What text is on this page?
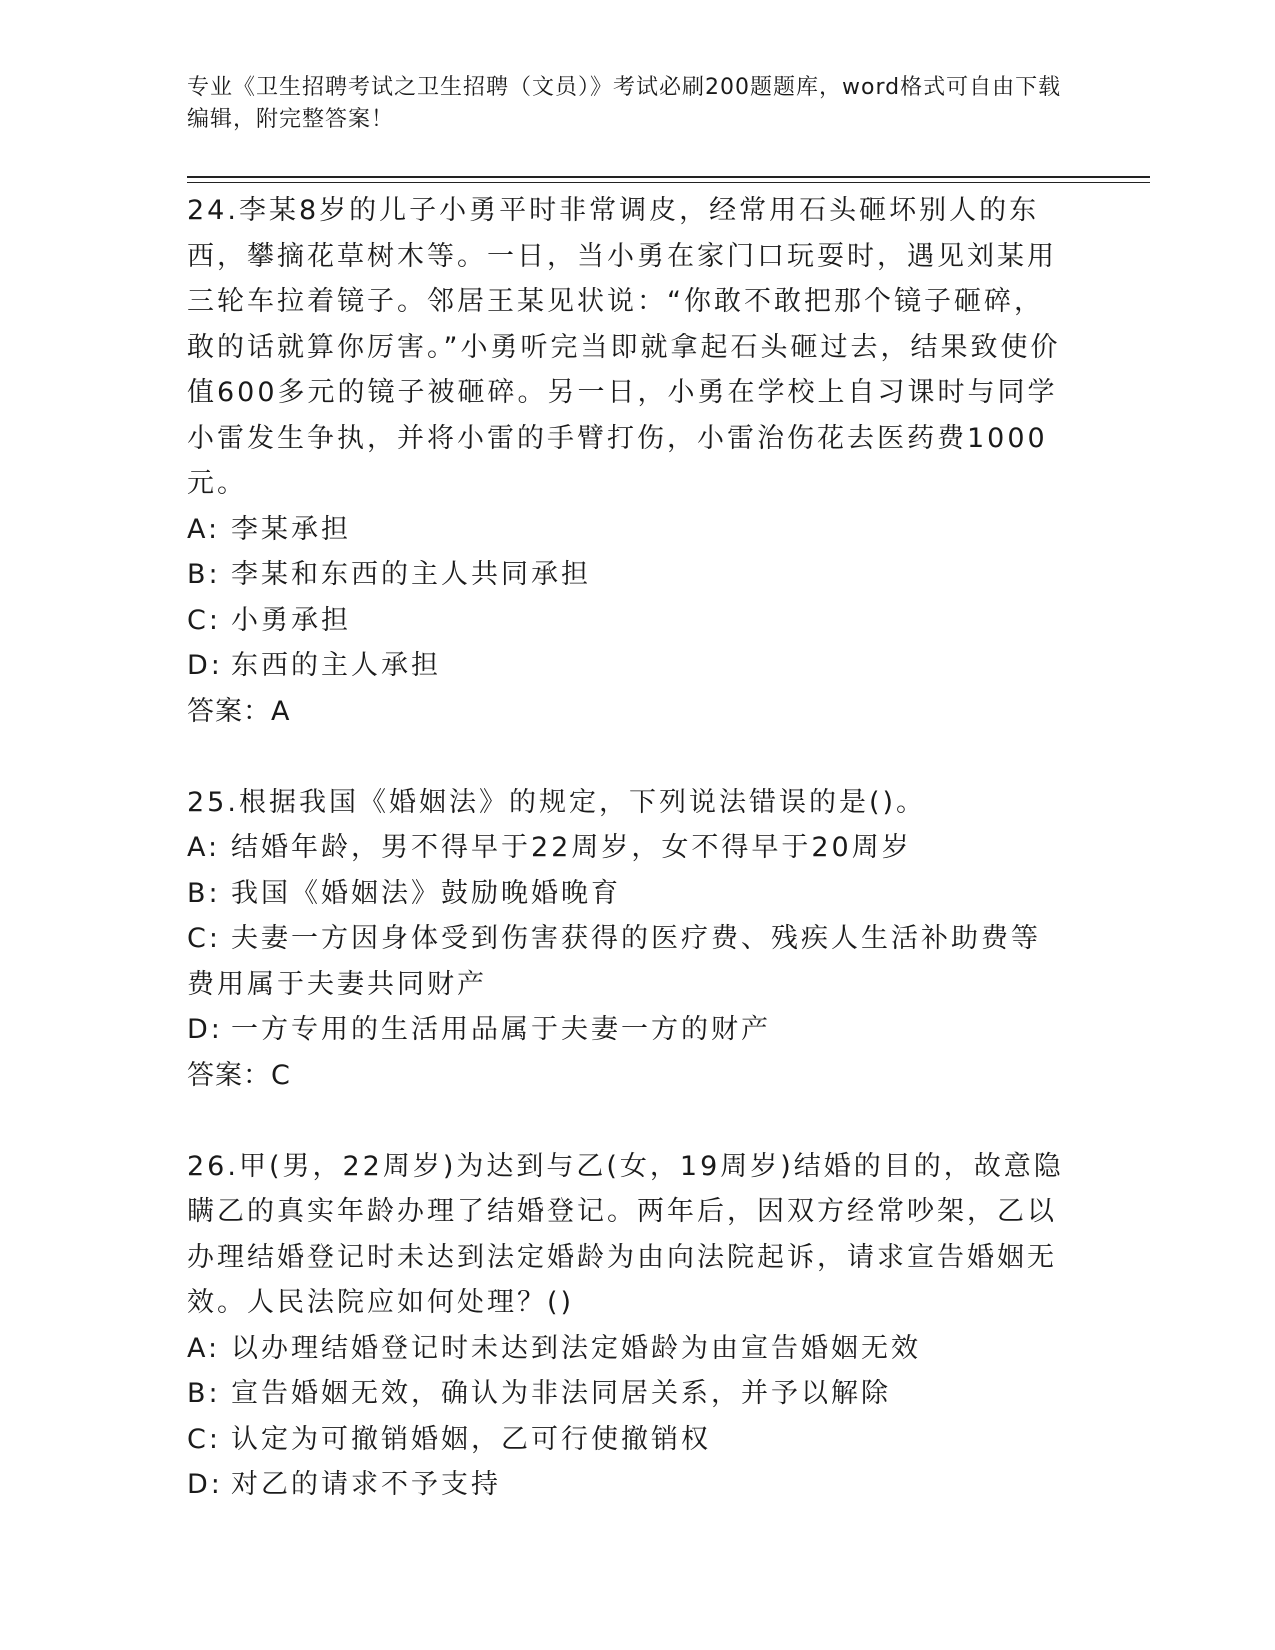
专业《卫生招聘考试之卫生招聘（文员）》考试必刷200题题库，word格式可自由下载编辑，附完整答案！
24.李某8岁的儿子小勇平时非常调皮，经常用石头砸坏别人的东西，攀摘花草树木等。一日，当小勇在家门口玩耍时，遇见刘某用三轮车拉着镜子。邻居王某见状说：“你敢不敢把那个镜子砸碎，敢的话就算你厉害。”小勇听完当即就拿起石头砸过去，结果致使价值600多元的镜子被砸碎。另一日，小勇在学校上自习课时与同学小雷发生争执，并将小雷的手臂打伤，小雷治伤花去医药费1000元。
A: 李某承担
B: 李某和东西的主人共同承担
C: 小勇承担
D: 东西的主人承担
答案：A
25.根据我国《婚姻法》的规定，下列说法错误的是()。
A: 结婚年龄，男不得早于22周岁，女不得早于20周岁
B: 我国《婚姻法》鼓励晚婚晚育
C: 夫妻一方因身体受到伤害获得的医疗费、残疾人生活补助费等费用属于夫妻共同财产
D: 一方专用的生活用品属于夫妻一方的财产
答案：C
26.甲(男，22周岁)为达到与乙(女，19周岁)结婚的目的，故意隐瞒乙的真实年龄办理了结婚登记。两年后，因双方经常吵架，乙以办理结婚登记时未达到法定婚龄为由向法院起诉，请求宣告婚姻无效。人民法院应如何处理？()
A: 以办理结婚登记时未达到法定婚龄为由宣告婚姻无效
B: 宣告婚姻无效，确认为非法同居关系，并予以解除
C: 认定为可撤销婚姻，乙可行使撤销权
D: 对乙的请求不予支持
